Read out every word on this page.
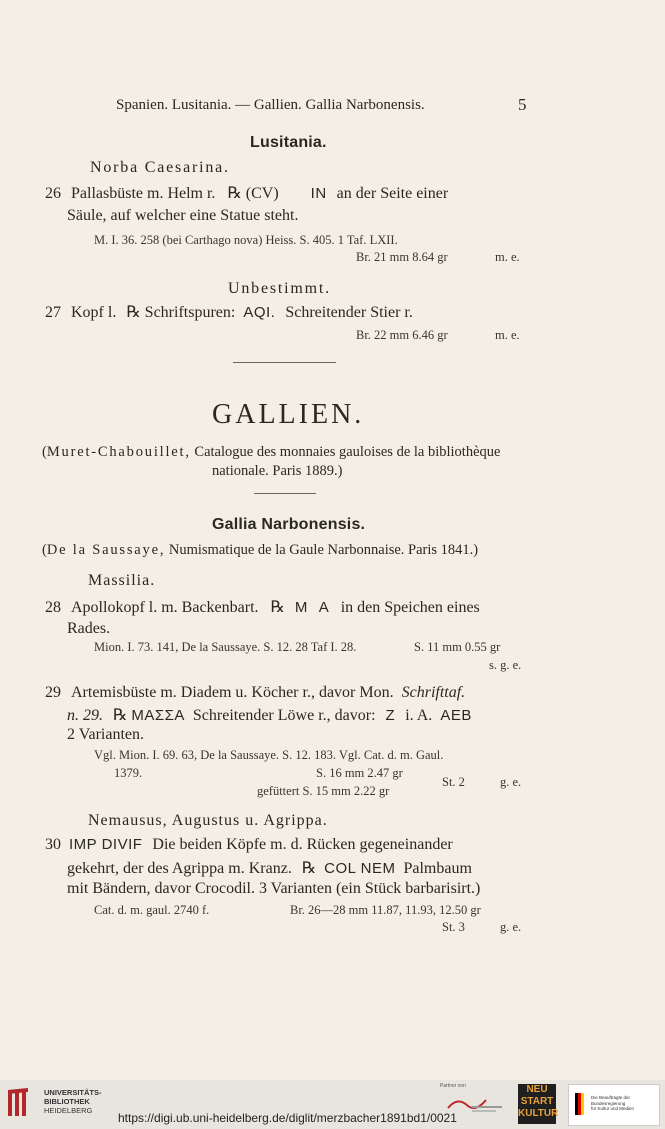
Spanien. Lusitania. — Gallien. Gallia Narbonensis.	5
Lusitania.
Norba Caesarina.
26 Pallasbüste m. Helm r. ℞ (CV) IN an der Seite einer
Säule, auf welcher eine Statue steht.
M. I. 36. 258 (bei Carthago nova) Heiss. S. 405. 1 Taf. LXII.
Br. 21 mm 8.64 gr	m. e.
Unbestimmt.
27 Kopf l. ℞ Schriftspuren: AQI. Schreitender Stier r.
Br. 22 mm 6.46 gr	m. e.
GALLIEN.
(Muret-Chabouillet, Catalogue des monnaies gauloises de la bibliothèque
nationale. Paris 1889.)
Gallia Narbonensis.
(De la Saussaye, Numismatique de la Gaule Narbonnaise. Paris 1841.)
Massilia.
28 Apollokopf l. m. Backenbart. ℞ M A in den Speichen eines
Rades.
Mion. I. 73. 141, De la Saussaye. S. 12. 28 Taf I. 28.	S. 11 mm 0.55 gr
s. g. e.
29 Artemisbüste m. Diadem u. Köcher r., davor Mon. Schrifttaf.
n. 29. ℞ ΜΑΣΣΑ Schreitender Löwe r., davor: Z i. A. AEB
2 Varianten.
Vgl. Mion. I. 69. 63, De la Saussaye. S. 12. 183. Vgl. Cat. d. m. Gaul.
1379.	S. 16 mm 2.47 gr
gefüttert S. 15 mm 2.22 gr
St. 2	g. e.
Nemausus, Augustus u. Agrippa.
30 IMP DIVIF Die beiden Köpfe m. d. Rücken gegeneinander
gekehrt, der des Agrippa m. Kranz. ℞ COL NEM Palmbaum
mit Bändern, davor Crocodil. 3 Varianten (ein Stück barbarisirt.)
Cat. d. m. gaul. 2740 f.	Br. 26—28 mm 11.87, 11.93, 12.50 gr
St. 3	g. e.
UNIVERSITÄTS-
BIBLIOTHEK
HEIDELBERG
https://digi.ub.uni-heidelberg.de/diglit/merzbacher1891bd1/0021
Partner von	NEU
START
KULTUR
Die Beauftragte der Bundesregierung
für Kultur und Medien
